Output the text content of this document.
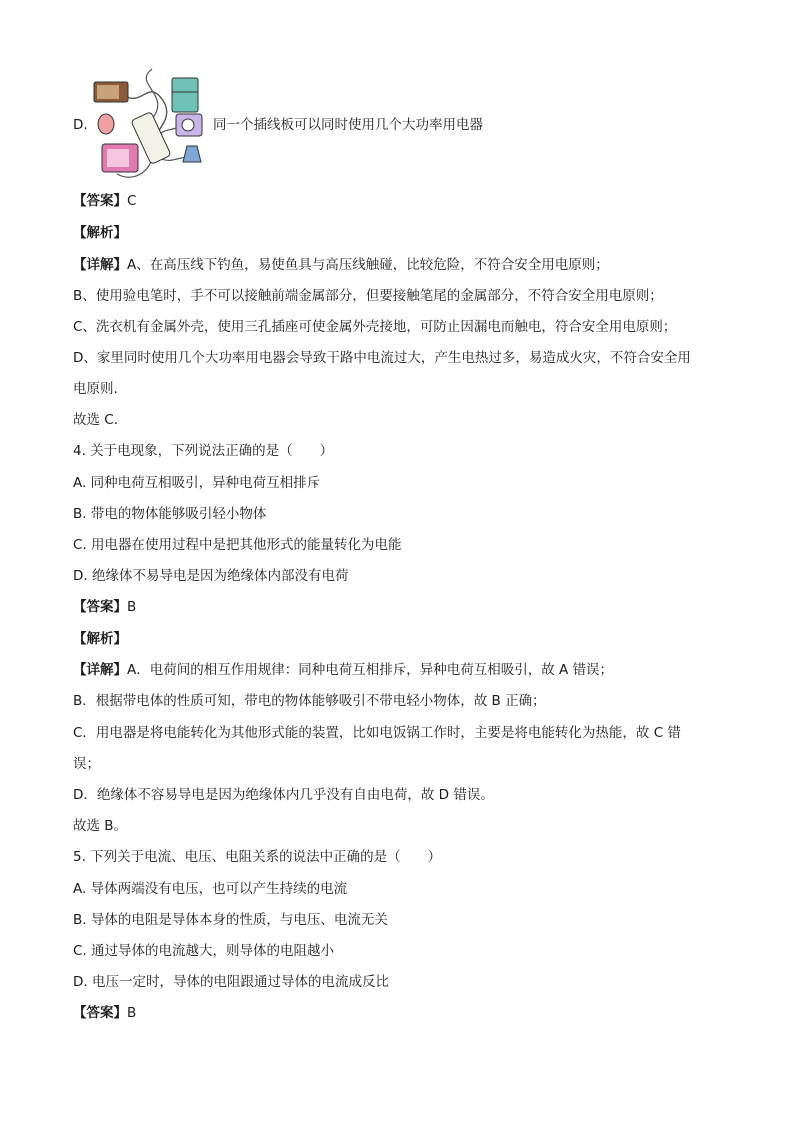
D.	同一个插线板可以同时使用几个大功率用电器
【答案】C
【解析】
【详解】A、在高压线下钓鱼，易使鱼具与高压线触碰，比较危险，不符合安全用电原则；
B、使用验电笔时，手不可以接触前端金属部分，但要接触笔尾的金属部分，不符合安全用电原则；
C、洗衣机有金属外壳，使用三孔插座可使金属外壳接地，可防止因漏电而触电，符合安全用电原则；
D、家里同时使用几个大功率用电器会导致干路中电流过大，产生电热过多，易造成火灾，不符合安全用
电原则.
故选 C.
4. 关于电现象，下列说法正确的是（　　）
A. 同种电荷互相吸引，异种电荷互相排斥
B. 带电的物体能够吸引轻小物体
C. 用电器在使用过程中是把其他形式的能量转化为电能
D. 绝缘体不易导电是因为绝缘体内部没有电荷
【答案】B
【解析】
【详解】A．电荷间的相互作用规律：同种电荷互相排斥，异种电荷互相吸引，故 A 错误；
B．根据带电体的性质可知，带电的物体能够吸引不带电轻小物体，故 B 正确；
C．用电器是将电能转化为其他形式能的装置，比如电饭锅工作时，主要是将电能转化为热能，故 C 错
误；
D．绝缘体不容易导电是因为绝缘体内几乎没有自由电荷，故 D 错误。
故选 B。
5. 下列关于电流、电压、电阻关系的说法中正确的是（　　）
A. 导体两端没有电压，也可以产生持续的电流
B. 导体的电阻是导体本身的性质，与电压、电流无关
C. 通过导体的电流越大，则导体的电阻越小
D. 电压一定时，导体的电阻跟通过导体的电流成反比
【答案】B
